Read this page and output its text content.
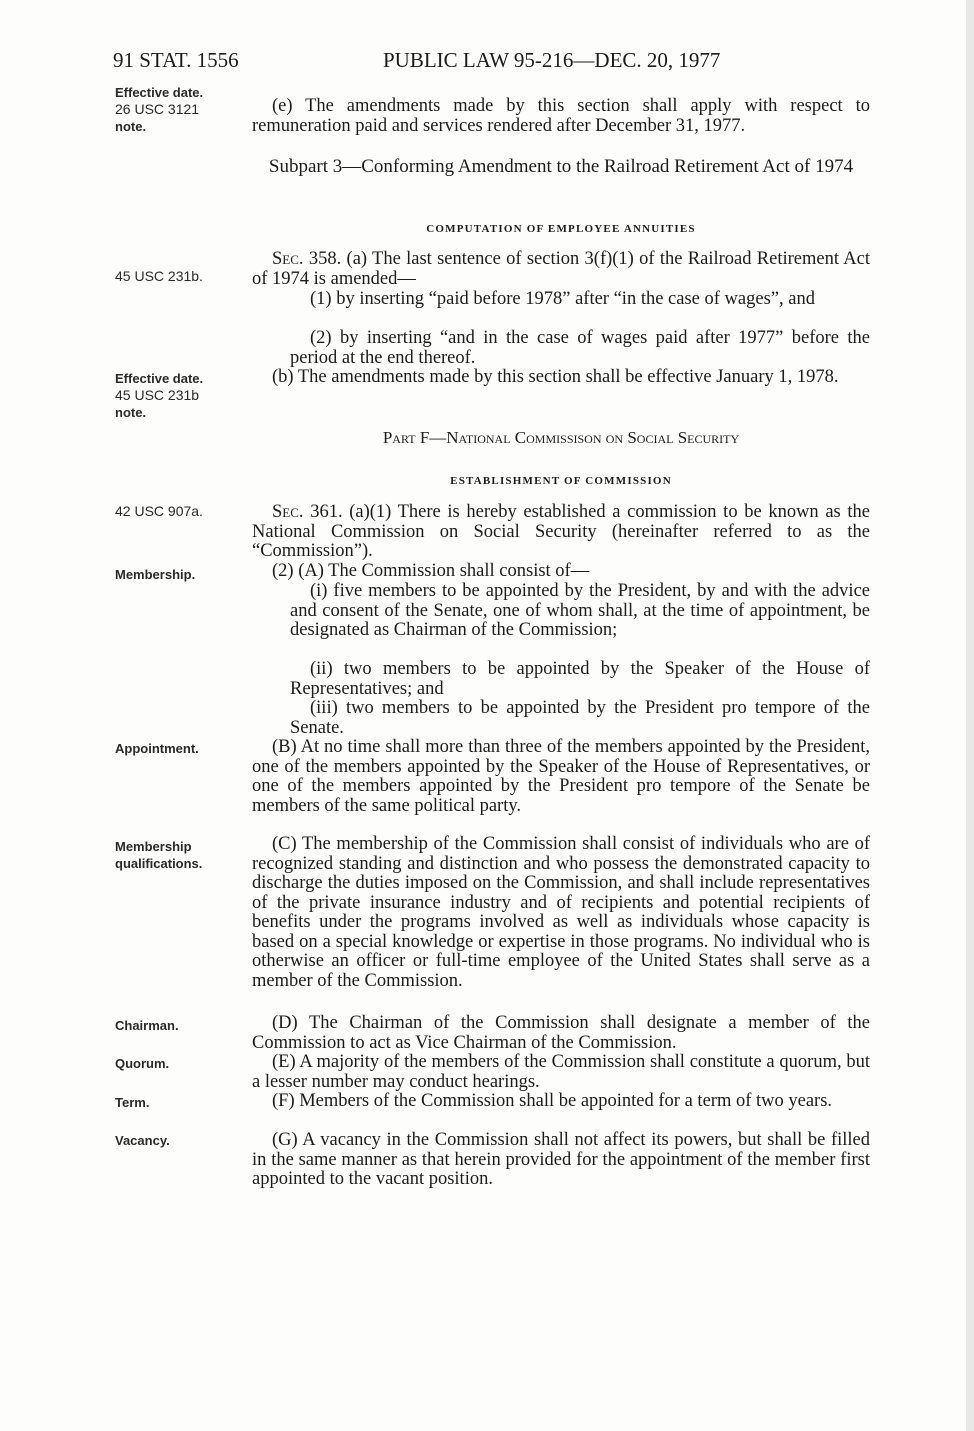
91 STAT. 1556	PUBLIC LAW 95-216—DEC. 20, 1977
Effective date.
26 USC 3121
note.
45 USC 231b.
Effective date.
45 USC 231b
note.
42 USC 907a.
Membership.
Appointment.
Membership
qualifications.
Chairman.
Quorum.
Term.
Vacancy.
(e) The amendments made by this section shall apply with respect to remuneration paid and services rendered after December 31, 1977.
Subpart 3—Conforming Amendment to the Railroad Retirement Act of 1974
COMPUTATION OF EMPLOYEE ANNUITIES
Sec. 358. (a) The last sentence of section 3(f)(1) of the Railroad Retirement Act of 1974 is amended—
(1) by inserting “paid before 1978” after “in the case of wages”, and
(2) by inserting “and in the case of wages paid after 1977” before the period at the end thereof.
(b) The amendments made by this section shall be effective January 1, 1978.
Part F—National Commissison on Social Security
ESTABLISHMENT OF COMMISSION
Sec. 361. (a)(1) There is hereby established a commission to be known as the National Commission on Social Security (hereinafter referred to as the “Commission”).
(2) (A) The Commission shall consist of—
(i) five members to be appointed by the President, by and with the advice and consent of the Senate, one of whom shall, at the time of appointment, be designated as Chairman of the Commission;
(ii) two members to be appointed by the Speaker of the House of Representatives; and
(iii) two members to be appointed by the President pro tempore of the Senate.
(B) At no time shall more than three of the members appointed by the President, one of the members appointed by the Speaker of the House of Representatives, or one of the members appointed by the President pro tempore of the Senate be members of the same political party.
(C) The membership of the Commission shall consist of individuals who are of recognized standing and distinction and who possess the demonstrated capacity to discharge the duties imposed on the Commission, and shall include representatives of the private insurance industry and of recipients and potential recipients of benefits under the programs involved as well as individuals whose capacity is based on a special knowledge or expertise in those programs. No individual who is otherwise an officer or full-time employee of the United States shall serve as a member of the Commission.
(D) The Chairman of the Commission shall designate a member of the Commission to act as Vice Chairman of the Commission.
(E) A majority of the members of the Commission shall constitute a quorum, but a lesser number may conduct hearings.
(F) Members of the Commission shall be appointed for a term of two years.
(G) A vacancy in the Commission shall not affect its powers, but shall be filled in the same manner as that herein provided for the appointment of the member first appointed to the vacant position.
